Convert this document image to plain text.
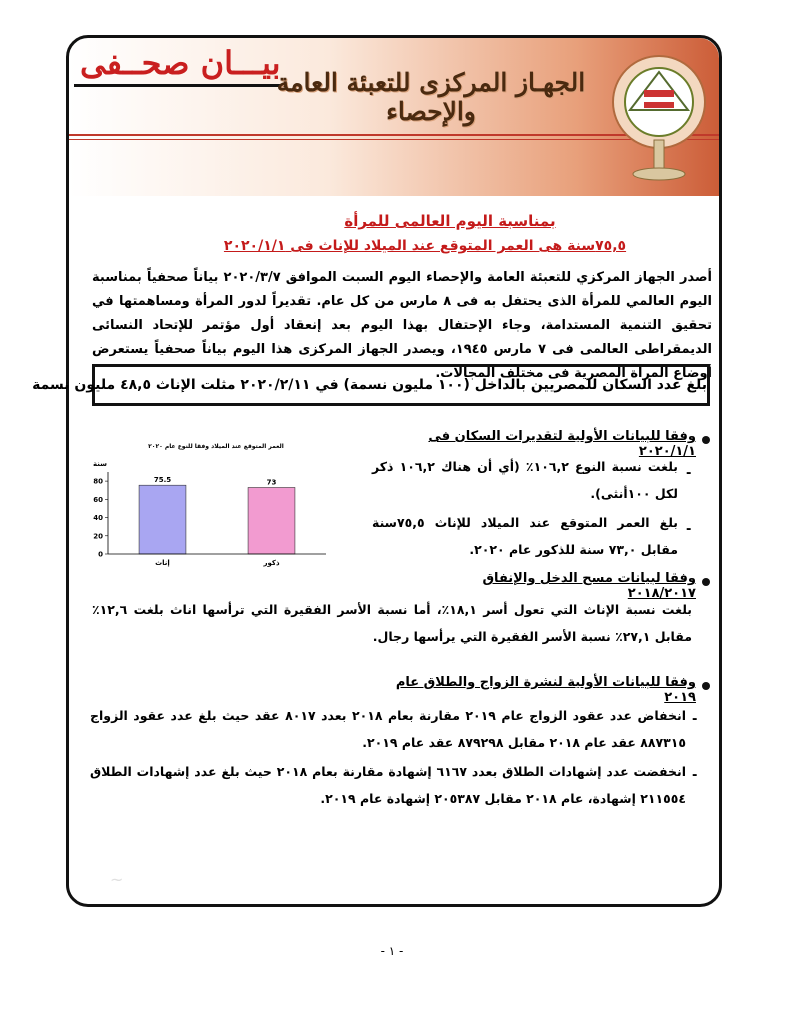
بيـــان صحــفى
الجهـاز المركزى للتعبئة العامة والإحصاء
بمناسبة اليوم العالمى للمرأة
٧٥,٥سنة هى العمر المتوقع عند الميلاد للإناث فى ٢٠٢٠/١/١
أصدر الجهاز المركزي للتعبئة العامة والإحصاء اليوم السبت الموافق ٢٠٢٠/٣/٧ بياناً صحفياً بمناسبة اليوم العالمي للمرأة الذى يحتفل به فى ٨ مارس من كل عام. تقديراً لدور المرأة ومساهمتها في تحقيق التنمية المستدامة، وجاء الإحتفال بهذا اليوم بعد إنعقاد أول مؤتمر للإتحاد النسائى الديمقراطى العالمى فى ٧ مارس ١٩٤٥، ويصدر الجهاز المركزى هذا اليوم بياناً صحفياً يستعرض أوضاع المرأة المصرية فى مختلف المجالات.
بلغ عدد السكان للمصريين بالداخل (١٠٠ مليون نسمة) في ٢٠٢٠/٢/١١ مثلت الإناث ٤٨,٥ مليون نسمة
وفقا للبيانات الأولية لتقديرات السكان فى ٢٠٢٠/١/١
-
بلغت نسبة النوع ١٠٦,٢٪ (أي أن هناك ١٠٦,٢ ذكر لكل ١٠٠أنثى).
-
بلغ العمر المتوقع عند الميلاد للإناث ٧٥,٥سنة مقابل ٧٣,٠ سنة للذكور عام ٢٠٢٠.
العمر المتوقع عند الميلاد وفقا للنوع عام ٢٠٢٠
سنة
0
20
40
60
80	75.5
إناث
73
ذكور
وفقا لبيانات مسح الدخل والإنفاق ٢٠١٨/٢٠١٧
بلغت نسبة الإناث التي تعول أسر ١٨,١٪، أما نسبة الأسر الفقيرة التي ترأسها اناث بلغت ١٢,٦٪ مقابل ٢٧,١٪ نسبة الأسر الفقيرة التي يرأسها رجال.
وفقا للبيانات الأولية لنشرة الزواج والطلاق عام ٢٠١٩
-
انخفاض عدد عقود الزواج عام ٢٠١٩ مقارنة بعام ٢٠١٨ بعدد ٨٠١٧ عقد حيث بلغ عدد عقود الزواج ٨٨٧٣١٥ عقد عام ٢٠١٨ مقابل ٨٧٩٢٩٨ عقد عام ٢٠١٩.
-
انخفضت عدد إشهادات الطلاق بعدد ٦١٦٧ إشهادة مقارنة بعام ٢٠١٨ حيث بلغ عدد إشهادات الطلاق ٢١١٥٥٤ إشهادة، عام ٢٠١٨ مقابل ٢٠٥٣٨٧ إشهادة عام ٢٠١٩.
~
- ١ -
